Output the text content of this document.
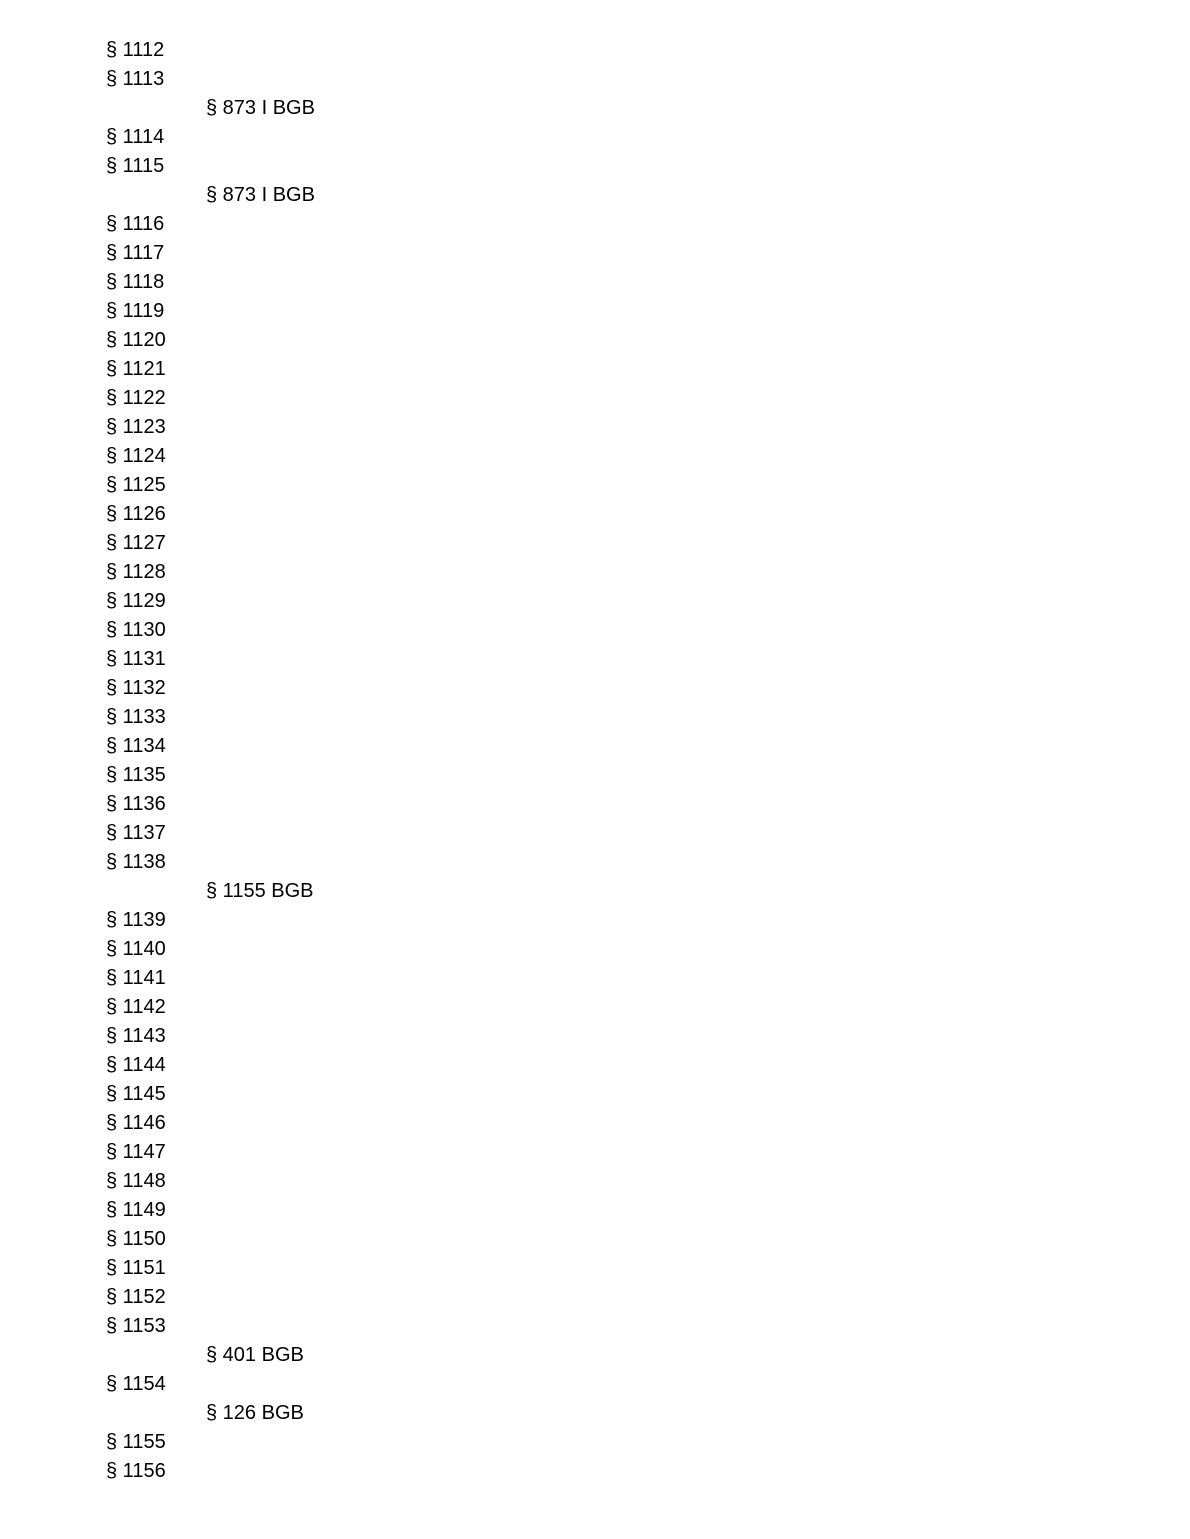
§ 1112
§ 1113
§ 873 I BGB
§ 1114
§ 1115
§ 873 I BGB
§ 1116
§ 1117
§ 1118
§ 1119
§ 1120
§ 1121
§ 1122
§ 1123
§ 1124
§ 1125
§ 1126
§ 1127
§ 1128
§ 1129
§ 1130
§ 1131
§ 1132
§ 1133
§ 1134
§ 1135
§ 1136
§ 1137
§ 1138
§ 1155 BGB
§ 1139
§ 1140
§ 1141
§ 1142
§ 1143
§ 1144
§ 1145
§ 1146
§ 1147
§ 1148
§ 1149
§ 1150
§ 1151
§ 1152
§ 1153
§ 401 BGB
§ 1154
§ 126 BGB
§ 1155
§ 1156
